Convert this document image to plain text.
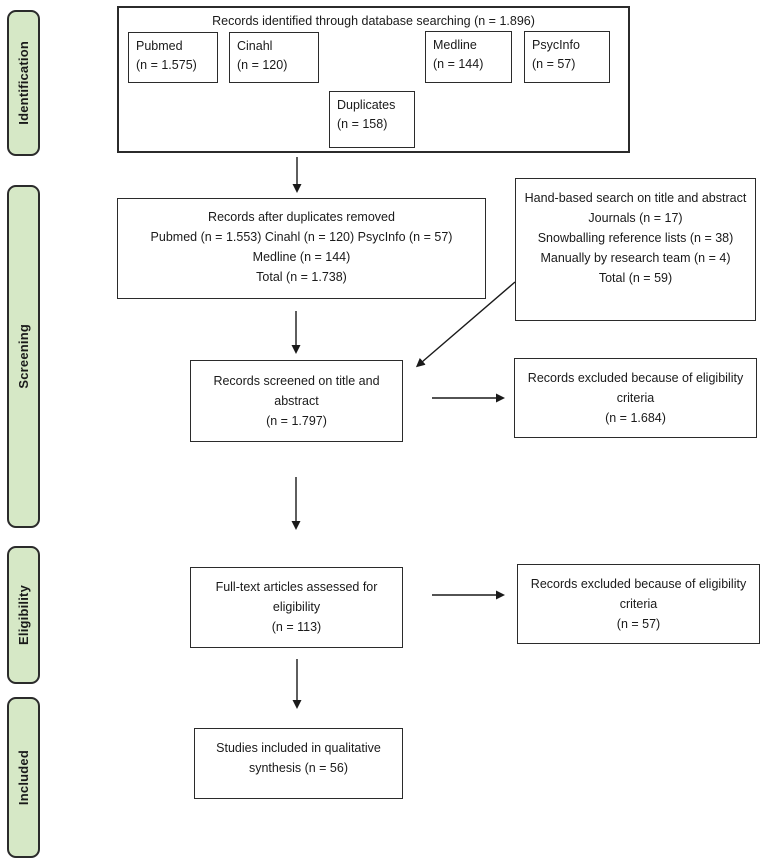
Identification
Screening
Eligibility
Included
Records identified through database searching (n = 1.896)
Pubmed
(n = 1.575)
Cinahl
(n = 120)
Medline
(n = 144)
PsycInfo
(n = 57)
Duplicates
(n = 158)
Records after duplicates removed
Pubmed (n = 1.553) Cinahl (n = 120) PsycInfo (n = 57)
Medline (n = 144)
Total (n = 1.738)
Hand-based search on title and abstract
Journals (n = 17)
Snowballing reference lists (n = 38)
Manually by research team (n = 4)
Total (n = 59)
Records screened on title and abstract
(n = 1.797)
Records excluded because of eligibility criteria
(n = 1.684)
Full-text articles assessed for eligibility
(n = 113)
Records excluded because of eligibility criteria
(n = 57)
Studies included in qualitative synthesis (n = 56)
